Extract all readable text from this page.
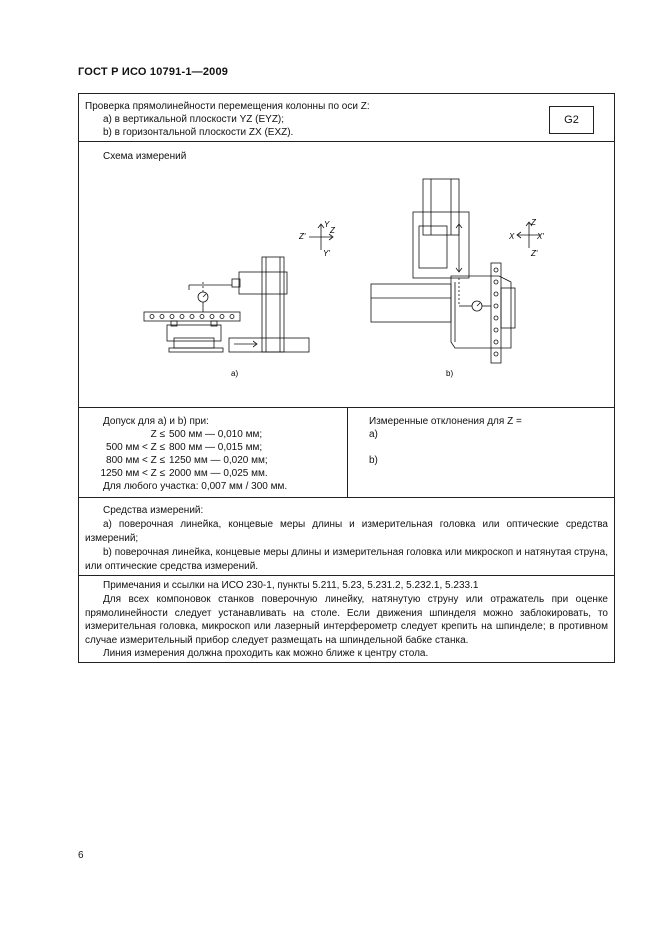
ГОСТ Р ИСО 10791-1—2009
Проверка прямолинейности перемещения колонны по оси Z:
a) в вертикальной плоскости YZ (EYZ);
b) в горизонтальной плоскости ZX (EXZ).
G2
Схема измерений
Y
Y'
Z'
Z
Z
Z'
X	X'
a)	b)
Допуск для a) и b) при:
Z ≤ 500 мм — 0,010 мм;
500 мм < Z ≤ 800 мм — 0,015 мм;
800 мм < Z ≤ 1250 мм — 0,020 мм;
1250 мм < Z ≤ 2000 мм — 0,025 мм.
Для любого участка: 0,007 мм / 300 мм.
Измеренные отклонения для Z =
a)
b)
Средства измерений:
a) поверочная линейка, концевые меры длины и измерительная головка или оптические средства измерений;
b) поверочная линейка, концевые меры длины и измерительная головка или микроскоп и натянутая струна, или оптические средства измерений.
Примечания и ссылки на ИСО 230-1, пункты 5.211, 5.23, 5.231.2, 5.232.1, 5.233.1
Для всех компоновок станков поверочную линейку, натянутую струну или отражатель при оценке прямолинейности следует устанавливать на столе. Если движения шпинделя можно заблокировать, то измерительная головка, микроскоп или лазерный интерферометр следует крепить на шпинделе; в противном случае измерительный прибор следует размещать на шпиндельной бабке станка.
Линия измерения должна проходить как можно ближе к центру стола.
6
